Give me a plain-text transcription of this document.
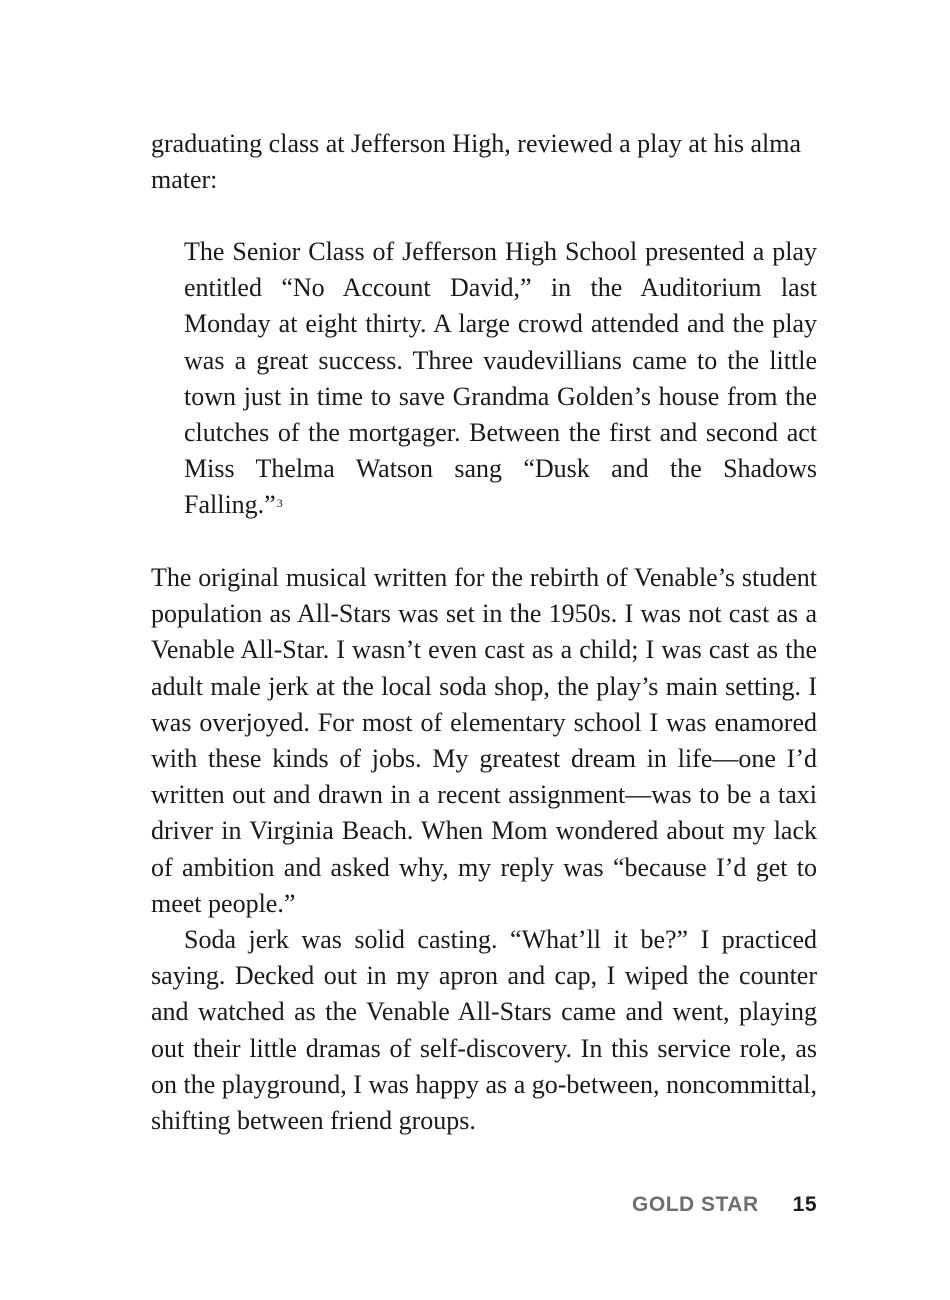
graduating class at Jefferson High, reviewed a play at his alma mater:

The Senior Class of Jefferson High School presented a play entitled “No Account David,” in the Auditorium last Monday at eight thirty. A large crowd attended and the play was a great success. Three vaudevillians came to the little town just in time to save Grandma Golden’s house from the clutches of the mortgager. Between the first and second act Miss Thelma Watson sang “Dusk and the Shadows Falling.”$^3$

The original musical written for the rebirth of Venable’s student population as All-Stars was set in the 1950s. I was not cast as a Venable All-Star. I wasn’t even cast as a child; I was cast as the adult male jerk at the local soda shop, the play’s main setting. I was overjoyed. For most of elementary school I was enamored with these kinds of jobs. My greatest dream in life—one I’d written out and drawn in a recent assignment—was to be a taxi driver in Virginia Beach. When Mom wondered about my lack of ambition and asked why, my reply was “because I’d get to meet people.”

Soda jerk was solid casting. “What’ll it be?” I practiced saying. Decked out in my apron and cap, I wiped the counter and watched as the Venable All-Stars came and went, playing out their little dramas of self-discovery. In this service role, as on the playground, I was happy as a go-between, noncommittal, shifting between friend groups.

GOLD STAR 15
